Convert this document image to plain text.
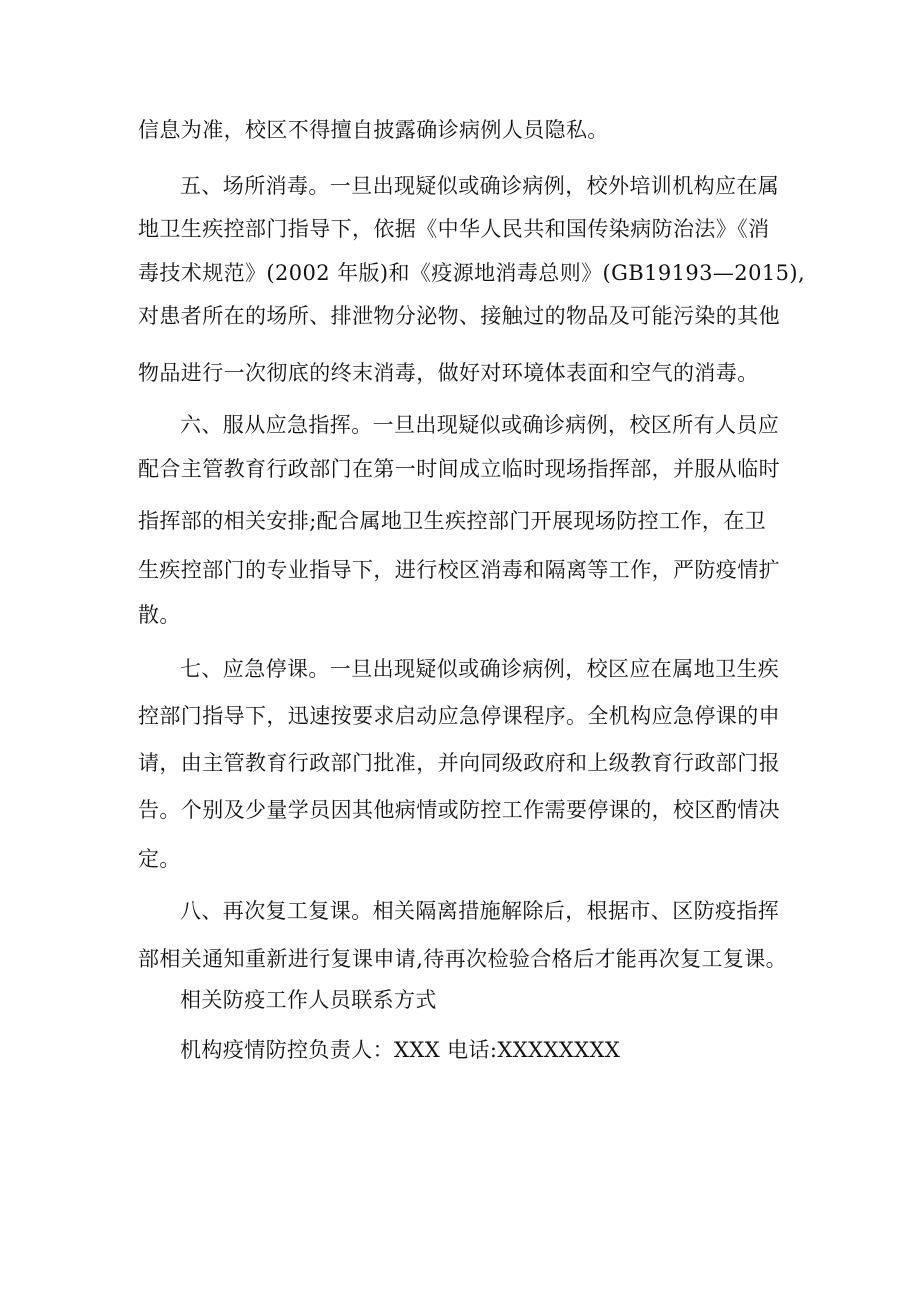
信息为准，校区不得擅自披露确诊病例人员隐私。
五、场所消毒。一旦出现疑似或确诊病例，校外培训机构应在属
地卫生疾控部门指导下，依据《中华人民共和国传染病防治法》《消
毒技术规范》(2002 年版)和《疫源地消毒总则》(GB19193—2015),
对患者所在的场所、排泄物分泌物、接触过的物品及可能污染的其他
物品进行一次彻底的终末消毒，做好对环境体表面和空气的消毒。
六、服从应急指挥。一旦出现疑似或确诊病例，校区所有人员应
配合主管教育行政部门在第一时间成立临时现场指挥部，并服从临时
指挥部的相关安排;配合属地卫生疾控部门开展现场防控工作，在卫
生疾控部门的专业指导下，进行校区消毒和隔离等工作，严防疫情扩
散。
七、应急停课。一旦出现疑似或确诊病例，校区应在属地卫生疾
控部门指导下，迅速按要求启动应急停课程序。全机构应急停课的申
请，由主管教育行政部门批准，并向同级政府和上级教育行政部门报
告。个别及少量学员因其他病情或防控工作需要停课的，校区酌情决
定。
八、再次复工复课。相关隔离措施解除后，根据市、区防疫指挥
部相关通知重新进行复课申请,待再次检验合格后才能再次复工复课。
相关防疫工作人员联系方式
机构疫情防控负责人：XXX 电话:XXXXXXXX
